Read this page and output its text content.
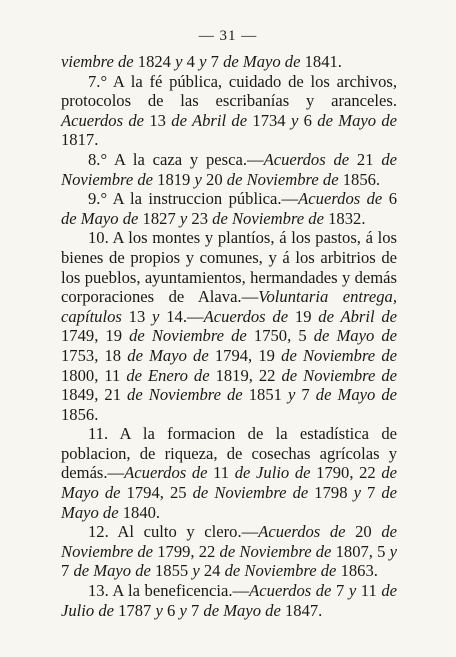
— 31 —

viembre de 1824 y 4 y 7 de Mayo de 1841.

7.° A la fé pública, cuidado de los archivos, protocolos de las escribanías y aranceles. Acuerdos de 13 de Abril de 1734 y 6 de Mayo de 1817.

8.° A la caza y pesca.—Acuerdos de 21 de Noviembre de 1819 y 20 de Noviembre de 1856.

9.° A la instruccion pública.—Acuerdos de 6 de Mayo de 1827 y 23 de Noviembre de 1832.

10. A los montes y plantíos, á los pastos, á los bienes de propios y comunes, y á los arbitrios de los pueblos, ayuntamientos, hermandades y demás corporaciones de Alava.—Voluntaria entrega, capítulos 13 y 14.—Acuerdos de 19 de Abril de 1749, 19 de Noviembre de 1750, 5 de Mayo de 1753, 18 de Mayo de 1794, 19 de Noviembre de 1800, 11 de Enero de 1819, 22 de Noviembre de 1849, 21 de Noviembre de 1851 y 7 de Mayo de 1856.

11. A la formacion de la estadística de poblacion, de riqueza, de cosechas agrícolas y demás.—Acuerdos de 11 de Julio de 1790, 22 de Mayo de 1794, 25 de Noviembre de 1798 y 7 de Mayo de 1840.

12. Al culto y clero.—Acuerdos de 20 de Noviembre de 1799, 22 de Noviembre de 1807, 5 y 7 de Mayo de 1855 y 24 de Noviembre de 1863.

13. A la beneficencia.—Acuerdos de 7 y 11 de Julio de 1787 y 6 y 7 de Mayo de 1847.
